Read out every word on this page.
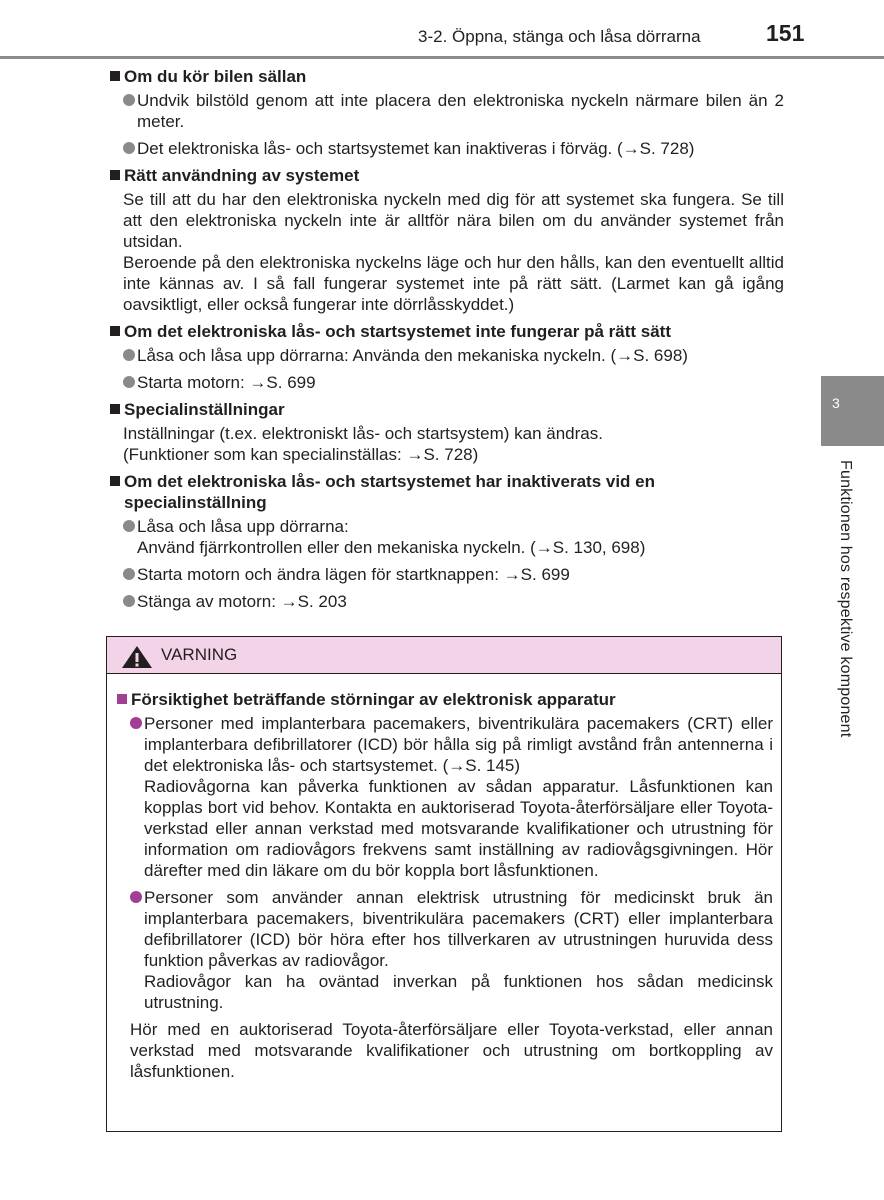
3-2. Öppna, stänga och låsa dörrarna	151
3
Funktionen hos respektive komponent
Om du kör bilen sällan
Undvik bilstöld genom att inte placera den elektroniska nyckeln närmare bilen än 2 meter.
Det elektroniska lås- och startsystemet kan inaktiveras i förväg. (→S. 728)
Rätt användning av systemet
Se till att du har den elektroniska nyckeln med dig för att systemet ska fungera. Se till att den elektroniska nyckeln inte är alltför nära bilen om du använder systemet från utsidan.
Beroende på den elektroniska nyckelns läge och hur den hålls, kan den eventuellt alltid inte kännas av. I så fall fungerar systemet inte på rätt sätt. (Larmet kan gå igång oavsiktligt, eller också fungerar inte dörrlåsskyddet.)
Om det elektroniska lås- och startsystemet inte fungerar på rätt sätt
Låsa och låsa upp dörrarna: Använda den mekaniska nyckeln. (→S. 698)
Starta motorn: →S. 699
Specialinställningar
Inställningar (t.ex. elektroniskt lås- och startsystem) kan ändras.
(Funktioner som kan specialinställas: →S. 728)
Om det elektroniska lås- och startsystemet har inaktiverats vid en specialinställning
Låsa och låsa upp dörrarna:
Använd fjärrkontrollen eller den mekaniska nyckeln. (→S. 130, 698)
Starta motorn och ändra lägen för startknappen: →S. 699
Stänga av motorn: →S. 203
VARNING
Försiktighet beträffande störningar av elektronisk apparatur
Personer med implanterbara pacemakers, biventrikulära pacemakers (CRT) eller implanterbara defibrillatorer (ICD) bör hålla sig på rimligt avstånd från antennerna i det elektroniska lås- och startsystemet. (→S. 145)
Radiovågorna kan påverka funktionen av sådan apparatur. Låsfunktionen kan kopplas bort vid behov. Kontakta en auktoriserad Toyota-återförsäljare eller Toyota-verkstad eller annan verkstad med motsvarande kvalifikationer och utrustning för information om radiovågors frekvens samt inställning av radiovågsgivningen. Hör därefter med din läkare om du bör koppla bort låsfunktionen.
Personer som använder annan elektrisk utrustning för medicinskt bruk än implanterbara pacemakers, biventrikulära pacemakers (CRT) eller implanterbara defibrillatorer (ICD) bör höra efter hos tillverkaren av utrustningen huruvida dess funktion påverkas av radiovågor.
Radiovågor kan ha oväntad inverkan på funktionen hos sådan medicinsk utrustning.
Hör med en auktoriserad Toyota-återförsäljare eller Toyota-verkstad, eller annan verkstad med motsvarande kvalifikationer och utrustning om bortkoppling av låsfunktionen.
